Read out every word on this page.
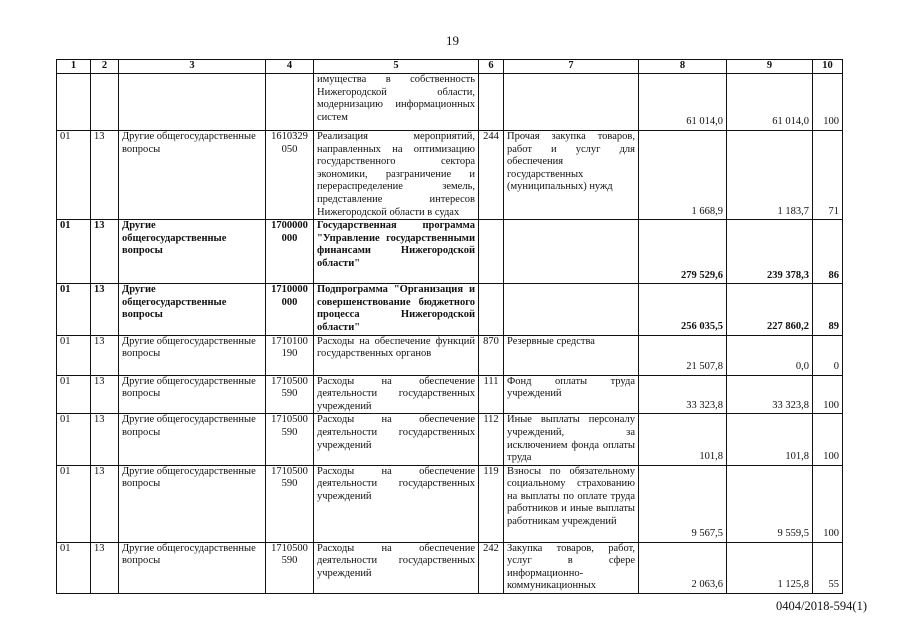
19
1	2	3	4	5	6	7	8	9	10
				имущества в собственность Нижегородской области, модернизацию информационных систем			61 014,0	61 014,0	100
01	13	Другие общегосударственные вопросы	1610329 050	Реализация мероприятий, направленных на оптимизацию государственного сектора экономики, разграничение и перераспределение земель, представление интересов Нижегородской области в судах	244	Прочая закупка товаров, работ и услуг для обеспечения государственных (муниципальных) нужд	1 668,9	1 183,7	71
01	13	Другие общегосударственные вопросы	1700000 000	Государственная программа "Управление государственными финансами Нижегородской области"			279 529,6	239 378,3	86
01	13	Другие общегосударственные вопросы	1710000 000	Подпрограмма "Организация и совершенствование бюджетного процесса Нижегородской области"			256 035,5	227 860,2	89
01	13	Другие общегосударственные вопросы	1710100 190	Расходы на обеспечение функций государственных органов	870	Резервные средства	21 507,8	0,0	0
01	13	Другие общегосударственные вопросы	1710500 590	Расходы на обеспечение деятельности государственных учреждений	111	Фонд оплаты труда учреждений	33 323,8	33 323,8	100
01	13	Другие общегосударственные вопросы	1710500 590	Расходы на обеспечение деятельности государственных учреждений	112	Иные выплаты персоналу учреждений, за исключением фонда оплаты труда	101,8	101,8	100
01	13	Другие общегосударственные вопросы	1710500 590	Расходы на обеспечение деятельности государственных учреждений	119	Взносы по обязательному социальному страхованию на выплаты по оплате труда работников и иные выплаты работникам учреждений	9 567,5	9 559,5	100
01	13	Другие общегосударственные вопросы	1710500 590	Расходы на обеспечение деятельности государственных учреждений	242	Закупка товаров, работ, услуг в сфере информационно-коммуникационных	2 063,6	1 125,8	55
0404/2018-594(1)
